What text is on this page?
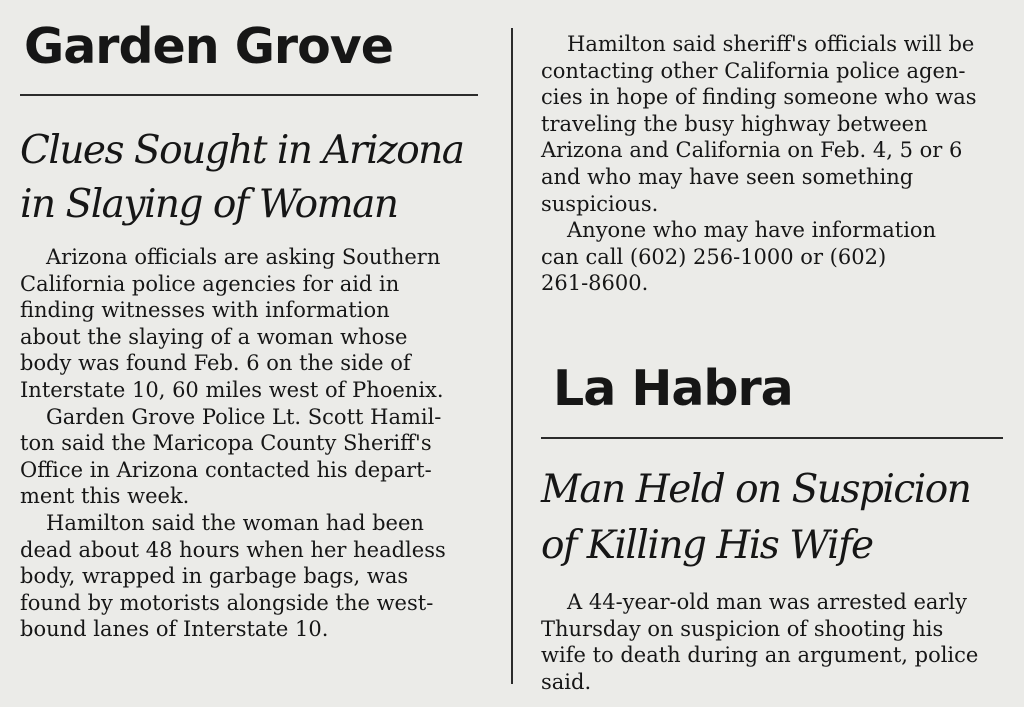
Garden Grove
Clues Sought in Arizona
in Slaying of Woman
Arizona officials are asking Southern
California police agencies for aid in
finding witnesses with information
about the slaying of a woman whose
body was found Feb. 6 on the side of
Interstate 10, 60 miles west of Phoenix.
Garden Grove Police Lt. Scott Hamil-
ton said the Maricopa County Sheriff's
Office in Arizona contacted his depart-
ment this week.
Hamilton said the woman had been
dead about 48 hours when her headless
body, wrapped in garbage bags, was
found by motorists alongside the west-
bound lanes of Interstate 10.
Hamilton said sheriff's officials will be
contacting other California police agen-
cies in hope of finding someone who was
traveling the busy highway between
Arizona and California on Feb. 4, 5 or 6
and who may have seen something
suspicious.
Anyone who may have information
can call (602) 256-1000 or (602)
261-8600.
La Habra
Man Held on Suspicion
of Killing His Wife
A 44-year-old man was arrested early
Thursday on suspicion of shooting his
wife to death during an argument, police
said.
